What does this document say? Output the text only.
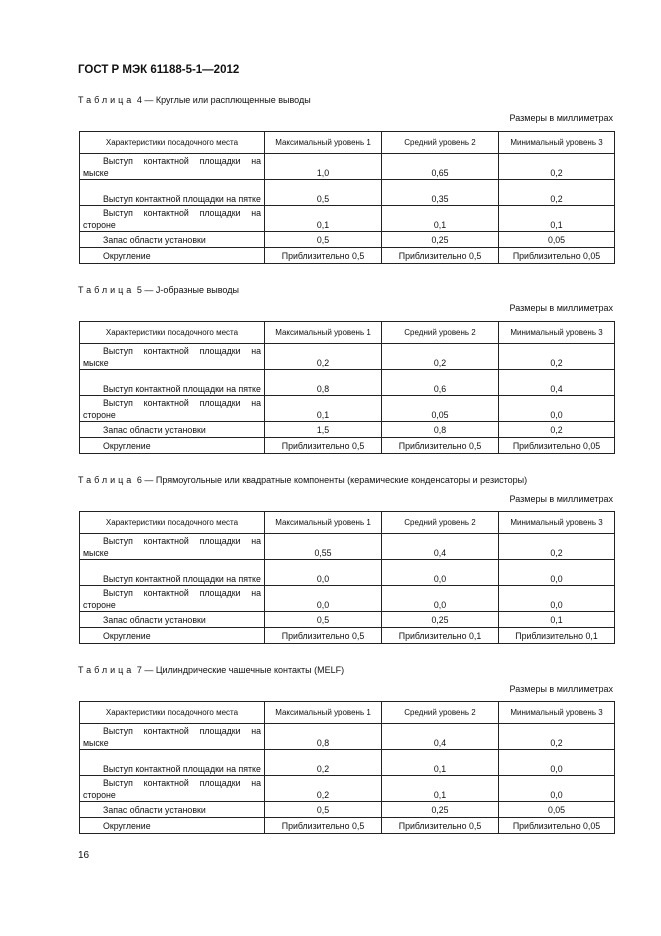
ГОСТ Р МЭК 61188-5-1—2012
Таблица 4 — Круглые или расплющенные выводы
Размеры в миллиметрах
Характеристики посадочного места	Максимальный уровень 1	Средний уровень 2	Минимальный уровень 3
Выступ контактной площадки на мыске	1,0	0,65	0,2
Выступ контактной площадки на пятке	0,5	0,35	0,2
Выступ контактной площадки на стороне	0,1	0,1	0,1
Запас области установки	0,5	0,25	0,05
Округление	Приблизительно 0,5	Приблизительно 0,5	Приблизительно 0,05
Таблица 5 — J-образные выводы
Размеры в миллиметрах
Характеристики посадочного места	Максимальный уровень 1	Средний уровень 2	Минимальный уровень 3
Выступ контактной площадки на мыске	0,2	0,2	0,2
Выступ контактной площадки на пятке	0,8	0,6	0,4
Выступ контактной площадки на стороне	0,1	0,05	0,0
Запас области установки	1,5	0,8	0,2
Округление	Приблизительно 0,5	Приблизительно 0,5	Приблизительно 0,05
Таблица 6 — Прямоугольные или квадратные компоненты (керамические конденсаторы и резисторы)
Размеры в миллиметрах
Характеристики посадочного места	Максимальный уровень 1	Средний уровень 2	Минимальный уровень 3
Выступ контактной площадки на мыске	0,55	0,4	0,2
Выступ контактной площадки на пятке	0,0	0,0	0,0
Выступ контактной площадки на стороне	0,0	0,0	0,0
Запас области установки	0,5	0,25	0,1
Округление	Приблизительно 0,5	Приблизительно 0,1	Приблизительно 0,1
Таблица 7 — Цилиндрические чашечные контакты (MELF)
Размеры в миллиметрах
Характеристики посадочного места	Максимальный уровень 1	Средний уровень 2	Минимальный уровень 3
Выступ контактной площадки на мыске	0,8	0,4	0,2
Выступ контактной площадки на пятке	0,2	0,1	0,0
Выступ контактной площадки на стороне	0,2	0,1	0,0
Запас области установки	0,5	0,25	0,05
Округление	Приблизительно 0,5	Приблизительно 0,5	Приблизительно 0,05
16
